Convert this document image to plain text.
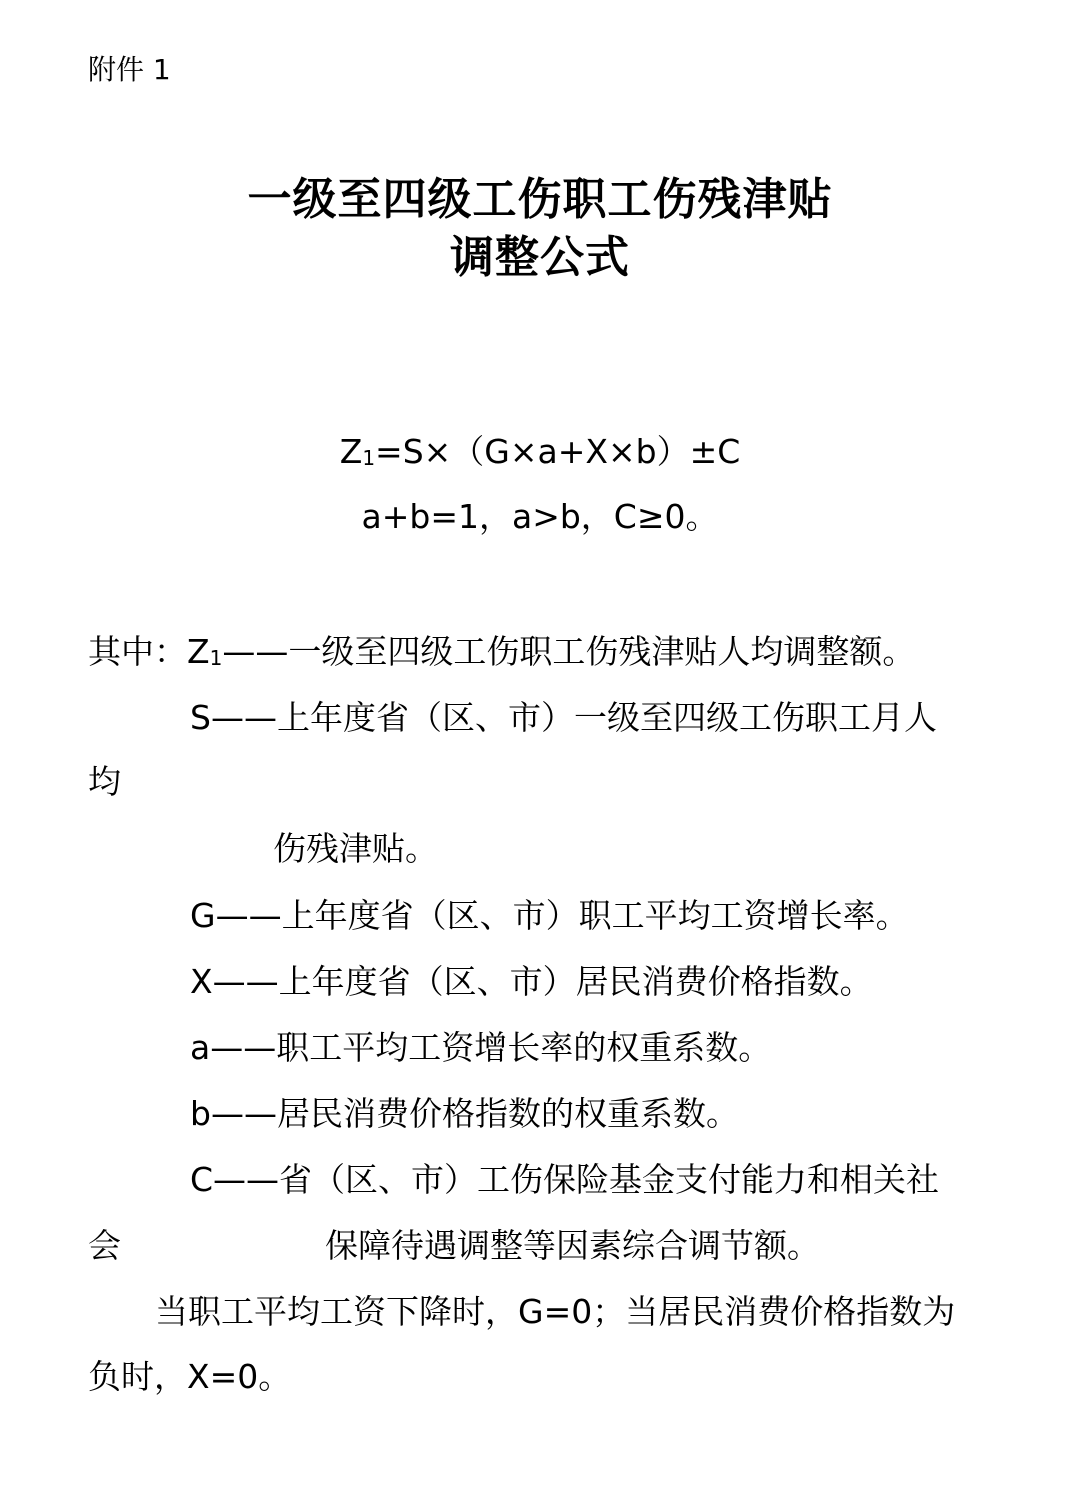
附件 1
一级至四级工伤职工伤残津贴
调整公式
$Z_1=S\times(G\times a+X\times b)\pm C$
a+b=1，a>b，C≥0。
其中：$Z_1——$一级至四级工伤职工伤残津贴人均调整额。
S——上年度省（区、市）一级至四级工伤职工月人
均
伤残津贴。
G——上年度省（区、市）职工平均工资增长率。
X——上年度省（区、市）居民消费价格指数。
a——职工平均工资增长率的权重系数。
b——居民消费价格指数的权重系数。
C——省（区、市）工伤保险基金支付能力和相关社
会	保障待遇调整等因素综合调节额。
当职工平均工资下降时，G=0；当居民消费价格指数为
负时，X=0。
